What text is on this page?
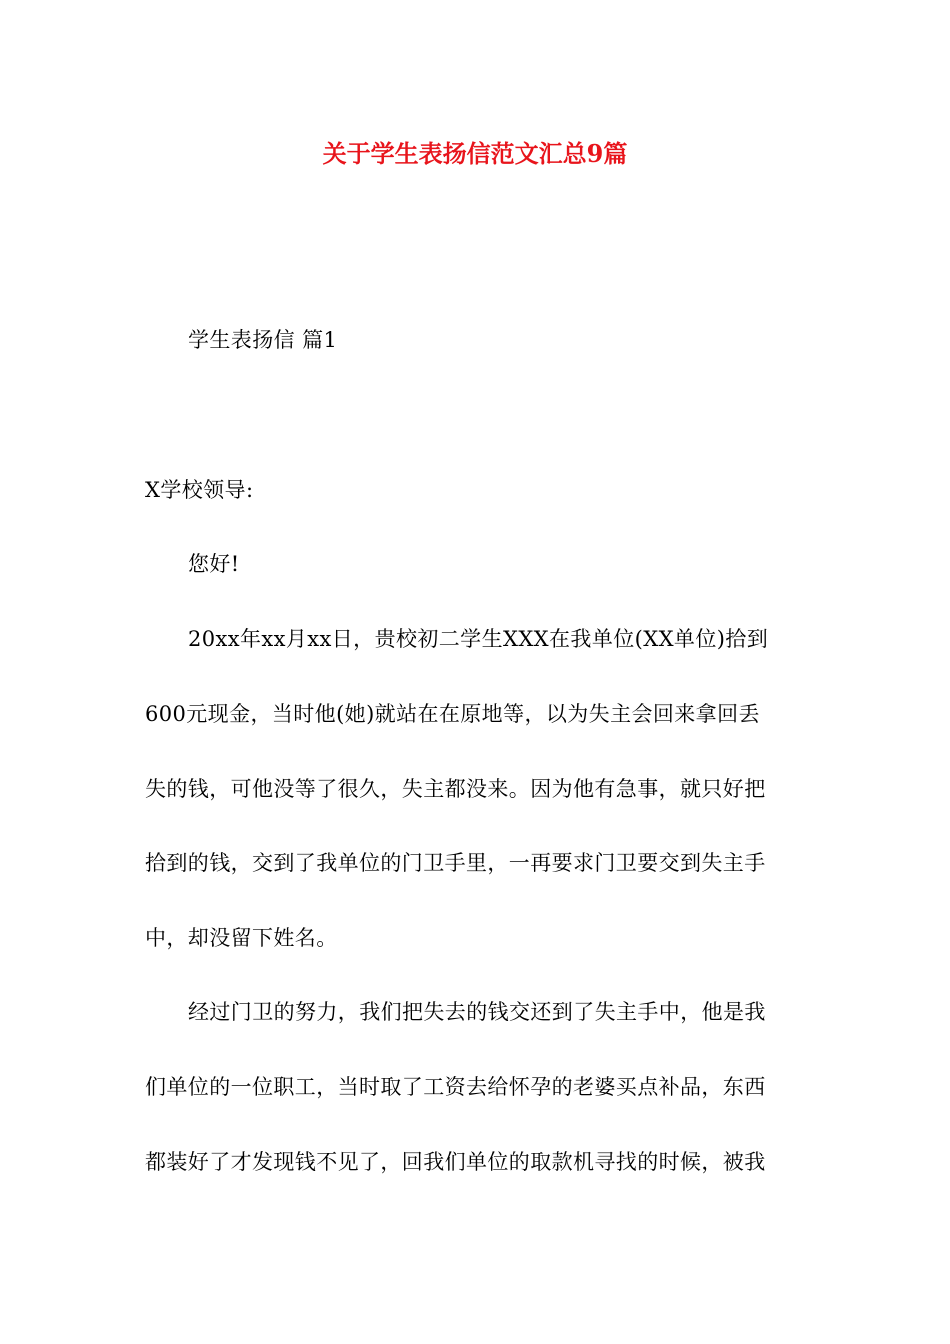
关于学生表扬信范文汇总9篇
学生表扬信 篇1
X学校领导:
您好!
20xx年xx月xx日，贵校初二学生XXX在我单位(XX单位)拾到
600元现金，当时他(她)就站在在原地等，以为失主会回来拿回丢
失的钱，可他没等了很久，失主都没来。因为他有急事，就只好把
拾到的钱，交到了我单位的门卫手里，一再要求门卫要交到失主手
中，却没留下姓名。
经过门卫的努力，我们把失去的钱交还到了失主手中，他是我
们单位的一位职工，当时取了工资去给怀孕的老婆买点补品，东西
都装好了才发现钱不见了，回我们单位的取款机寻找的时候，被我
